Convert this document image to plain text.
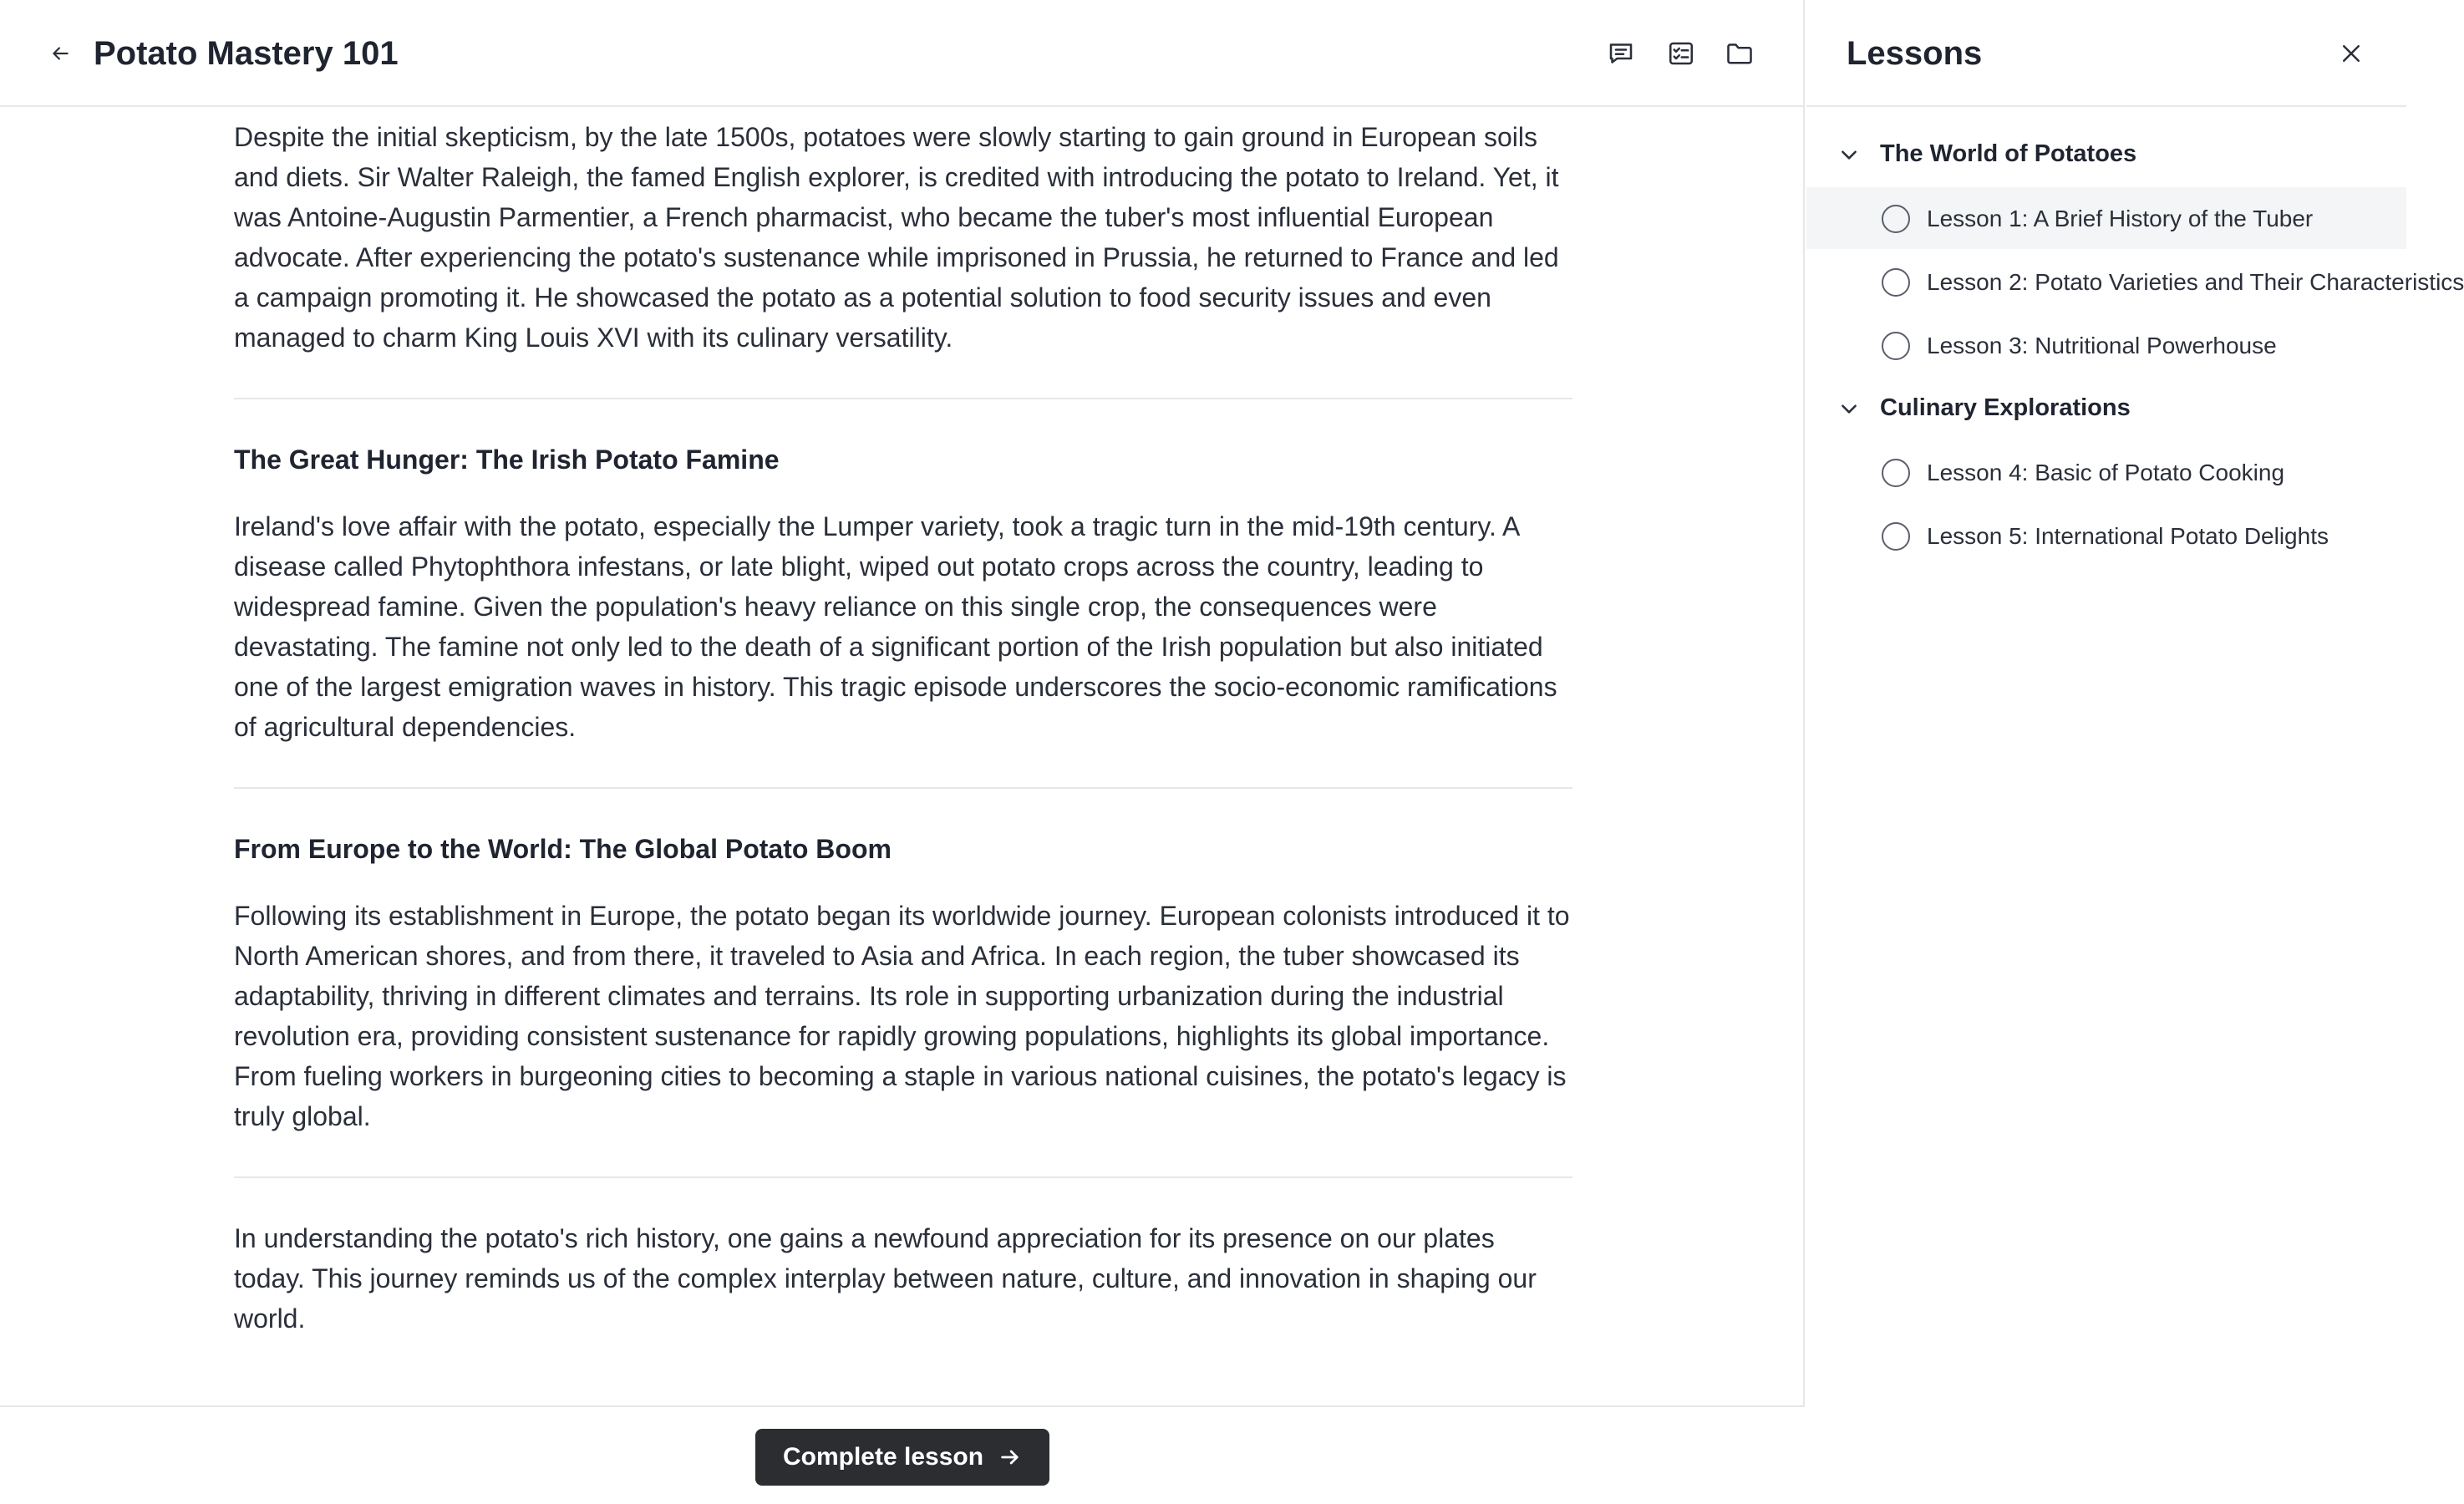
Potato Mastery 101

Despite the initial skepticism, by the late 1500s, potatoes were slowly starting to gain ground in European soils and diets. Sir Walter Raleigh, the famed English explorer, is credited with introducing the potato to Ireland. Yet, it was Antoine-Augustin Parmentier, a French pharmacist, who became the tuber's most influential European advocate. After experiencing the potato's sustenance while imprisoned in Prussia, he returned to France and led a campaign promoting it. He showcased the potato as a potential solution to food security issues and even managed to charm King Louis XVI with its culinary versatility.

The Great Hunger: The Irish Potato Famine

Ireland's love affair with the potato, especially the Lumper variety, took a tragic turn in the mid-19th century. A disease called Phytophthora infestans, or late blight, wiped out potato crops across the country, leading to widespread famine. Given the population's heavy reliance on this single crop, the consequences were devastating. The famine not only led to the death of a significant portion of the Irish population but also initiated one of the largest emigration waves in history. This tragic episode underscores the socio-economic ramifications of agricultural dependencies.

From Europe to the World: The Global Potato Boom

Following its establishment in Europe, the potato began its worldwide journey. European colonists introduced it to North American shores, and from there, it traveled to Asia and Africa. In each region, the tuber showcased its adaptability, thriving in different climates and terrains. Its role in supporting urbanization during the industrial revolution era, providing consistent sustenance for rapidly growing populations, highlights its global importance. From fueling workers in burgeoning cities to becoming a staple in various national cuisines, the potato's legacy is truly global.

In understanding the potato's rich history, one gains a newfound appreciation for its presence on our plates today. This journey reminds us of the complex interplay between nature, culture, and innovation in shaping our world.

Complete lesson
Lessons
The World of Potatoes
Lesson 1: A Brief History of the Tuber
Lesson 2: Potato Varieties and Their Characteristics
Lesson 3: Nutritional Powerhouse
Culinary Explorations
Lesson 4: Basic of Potato Cooking
Lesson 5: International Potato Delights
